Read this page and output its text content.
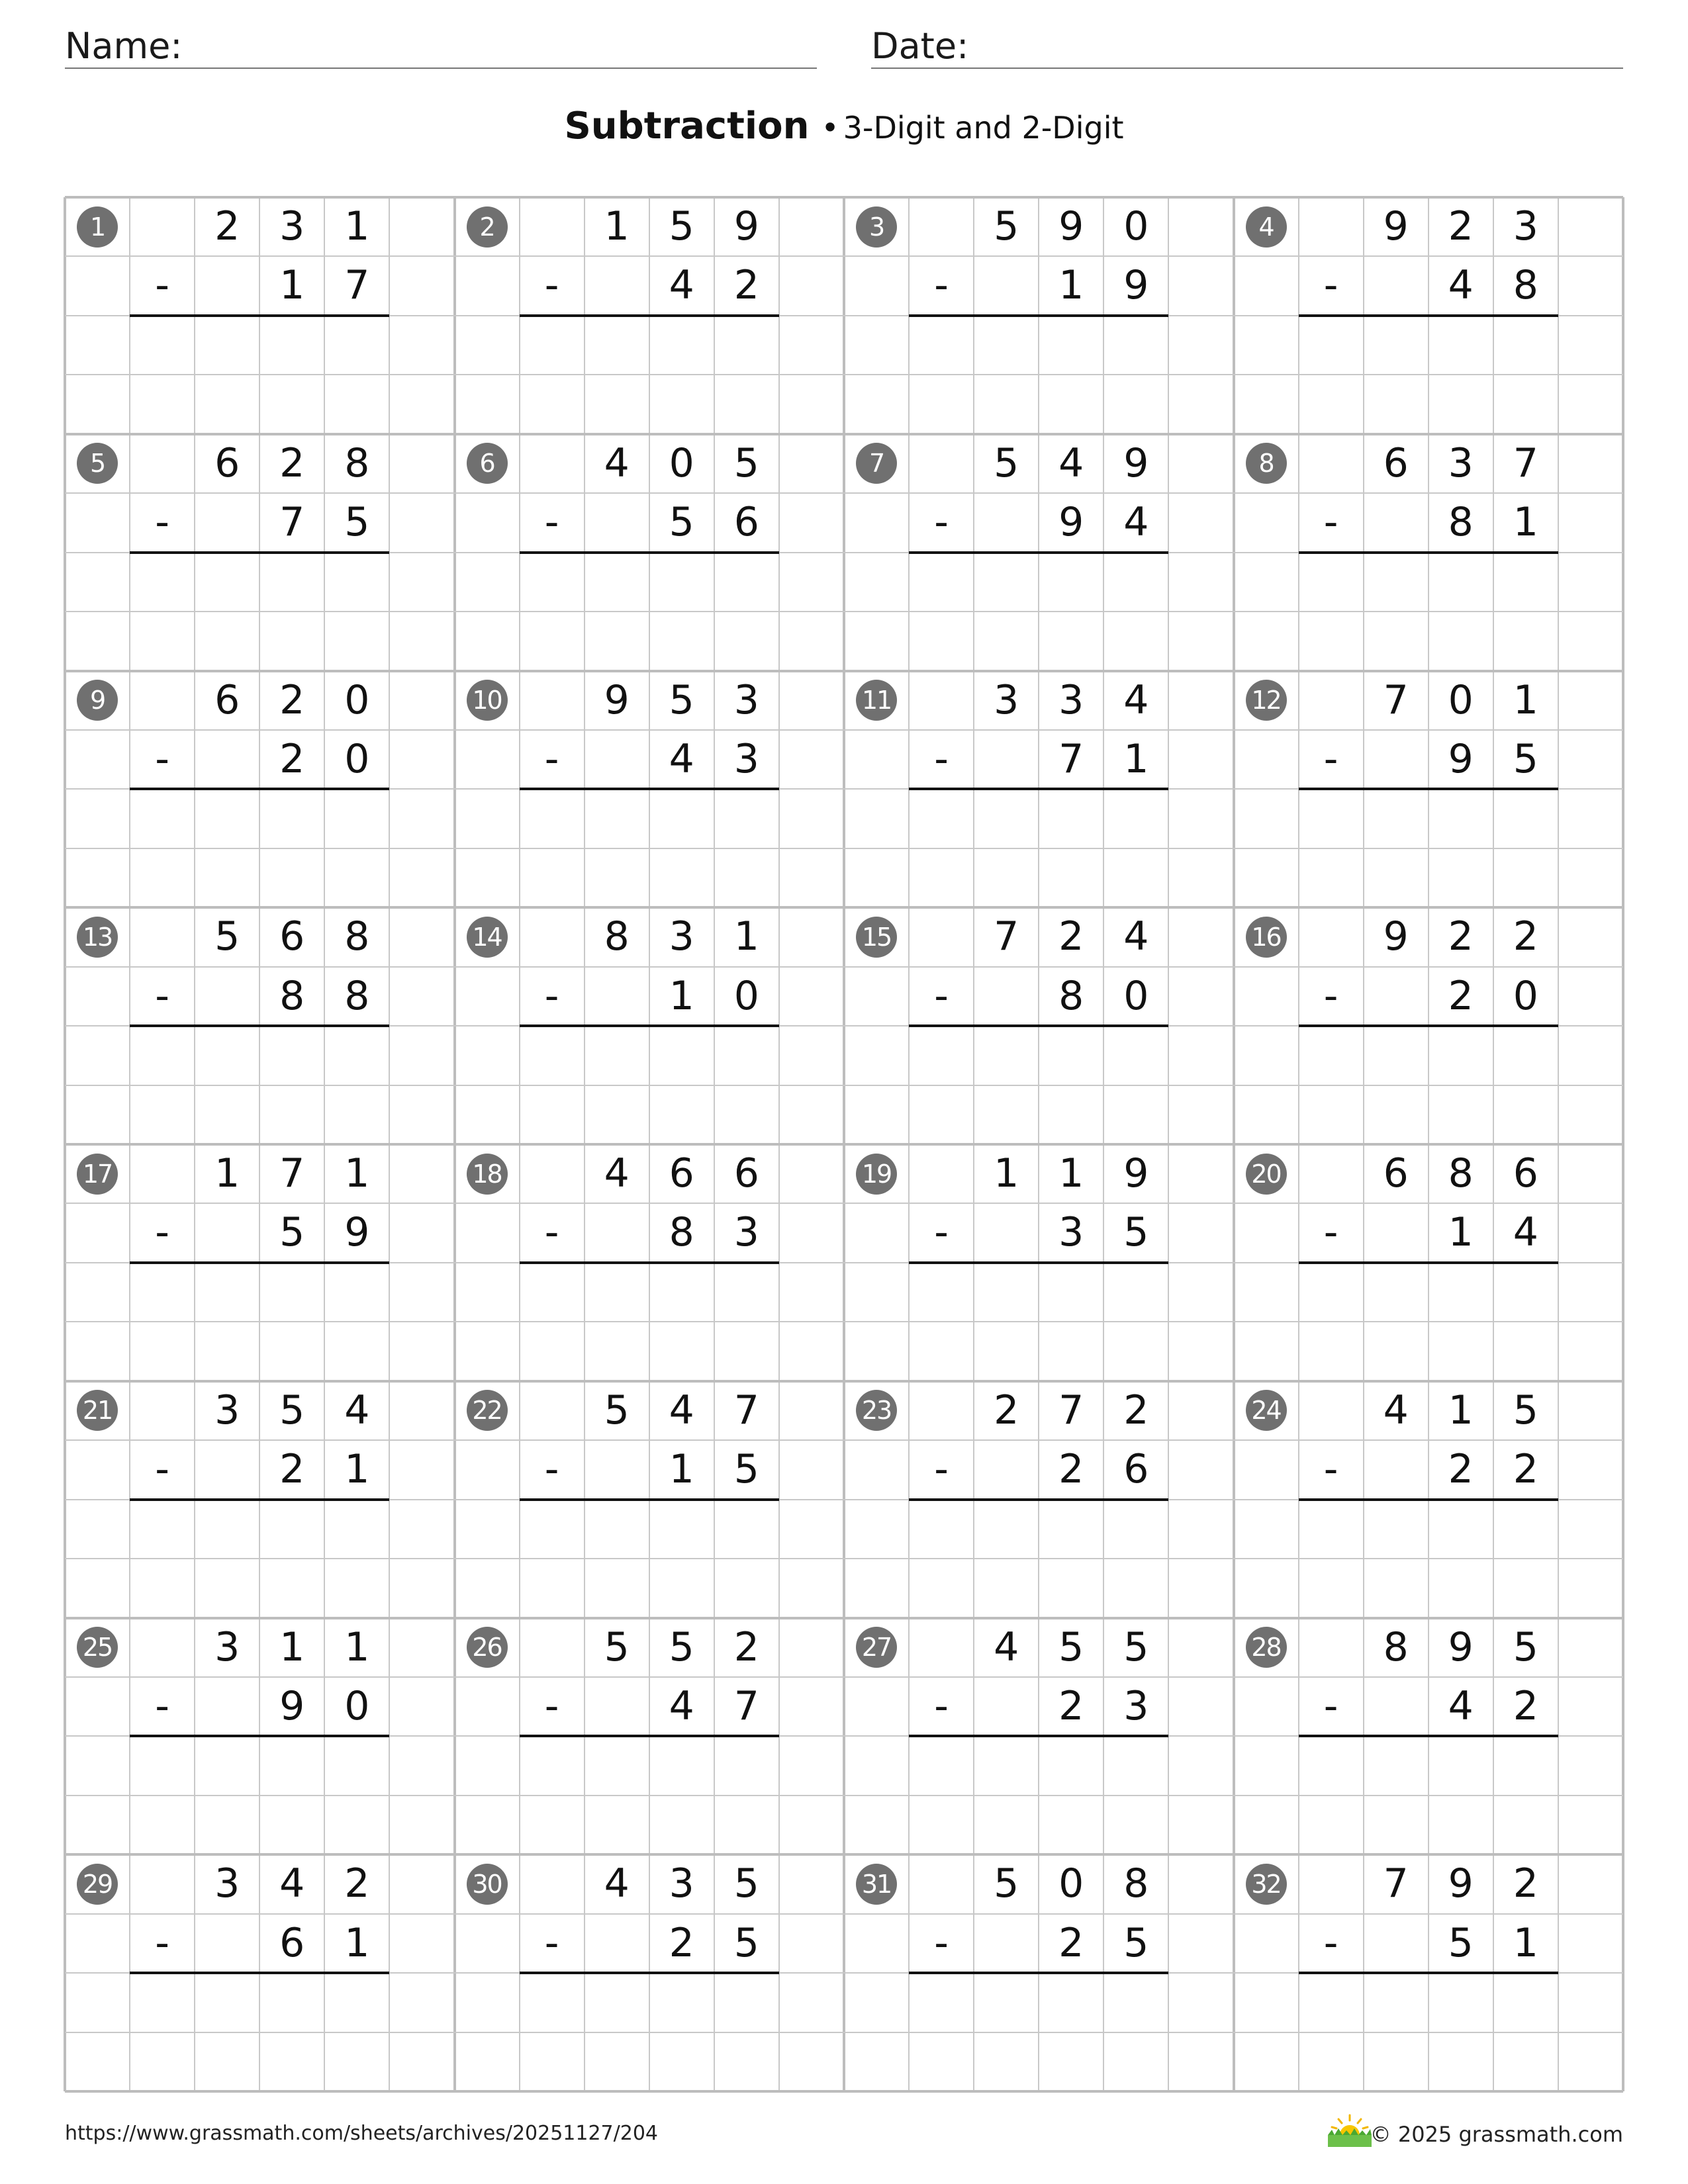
Name:	Date:
Subtraction • 3-Digit and 2-Digit
1	2 3 1
-	1 7
2	1 5 9
-	4 2
3	5 9 0
-	1 9
4	9 2 3
-	4 8
5	6 2 8
-	7 5
6	4 0 5
-	5 6
7	5 4 9
-	9 4
8	6 3 7
-	8 1
9	6 2 0
-	2 0
10	9 5 3
-	4 3
11	3 3 4
-	7 1
12	7 0 1
-	9 5
13	5 6 8
-	8 8
14	8 3 1
-	1 0
15	7 2 4
-	8 0
16	9 2 2
-	2 0
17	1 7 1
-	5 9
18	4 6 6
-	8 3
19	1 1 9
-	3 5
20	6 8 6
-	1 4
21	3 5 4
-	2 1
22	5 4 7
-	1 5
23	2 7 2
-	2 6
24	4 1 5
-	2 2
25	3 1 1
-	9 0
26	5 5 2
-	4 7
27	4 5 5
-	2 3
28	8 9 5
-	4 2
29	3 4 2
-	6 1
30	4 3 5
-	2 5
31	5 0 8
-	2 5
32	7 9 2
-	5 1
https://www.grassmath.com/sheets/archives/20251127/204	© 2025 grassmath.com
